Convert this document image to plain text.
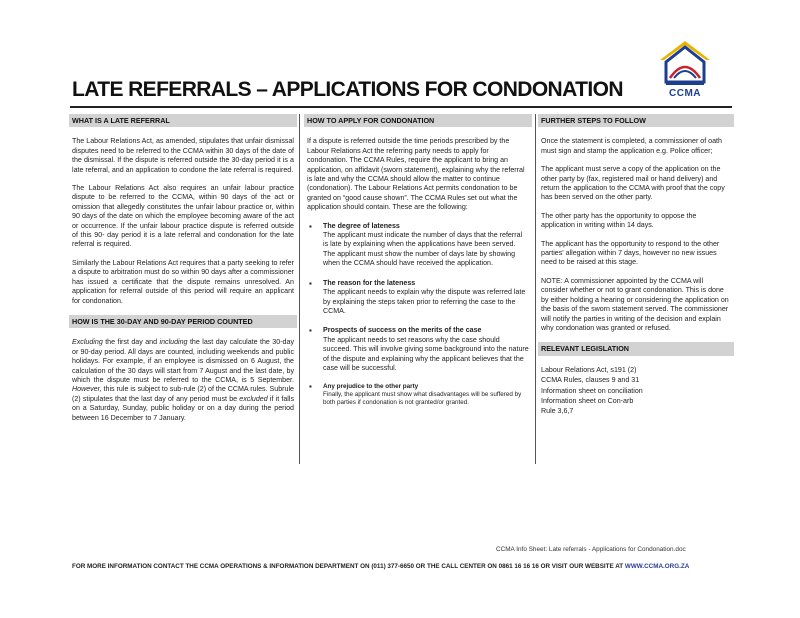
CCMA
LATE REFERRALS – APPLICATIONS FOR CONDONATION
WHAT IS A LATE REFERRAL

The Labour Relations Act, as amended, stipulates that unfair dismissal disputes need to be referred to the CCMA within 30 days of the date of the dismissal. If the dispute is referred outside the 30-day period it is a late referral, and an application to condone the late referral is required.

The Labour Relations Act also requires an unfair labour practice dispute to be referred to the CCMA, within 90 days of the act or omission that allegedly constitutes the unfair labour practice or, within 90 days of the date on which the employee becoming aware of the act or occurrence. If the unfair labour practice dispute is referred outside of this 90- day period it is a late referral and condonation for the late referral is required.

Similarly the Labour Relations Act requires that a party seeking to refer a dispute to arbitration must do so within 90 days after a commissioner has issued a certificate that the dispute remains unresolved. An application for referral outside of this period will require an applicant for condonation.

HOW IS THE 30-DAY AND 90-DAY PERIOD COUNTED

Excluding the first day and including the last day calculate the 30-day or 90-day period. All days are counted, including weekends and public holidays. For example, if an employee is dismissed on 6 August, the calculation of the 30 days will start from 7 August and the last date, by which the dispute must be referred to the CCMA, is 5 September. However, this rule is subject to sub-rule (2) of the CCMA rules. Subrule (2) stipulates that the last day of any period must be excluded if it falls on a Saturday, Sunday, public holiday or on a day during the period between 16 December to 7 January.

HOW TO APPLY FOR CONDONATION

If a dispute is referred outside the time periods prescribed by the Labour Relations Act the referring party needs to apply for condonation. The CCMA Rules, require the applicant to bring an application, on affidavit (sworn statement), explaining why the referral is late and why the CCMA should allow the matter to continue (condonation). The Labour Relations Act permits condonation to be granted on “good cause shown”. The CCMA Rules set out what the application should contain. These are the following:

▪ The degree of lateness
The applicant must indicate the number of days that the referral is late by explaining when the applications have been served. The applicant must show the number of days late by showing when the CCMA should have received the application.
▪ The reason for the lateness
The applicant needs to explain why the dispute was referred late by explaining the steps taken prior to referring the case to the CCMA.
▪ Prospects of success on the merits of the case
The applicant needs to set reasons why the case should succeed. This will involve giving some background into the nature of the dispute and explaining why the applicant believes that the case will be successful.
▪ Any prejudice to the other party
Finally, the applicant must show what disadvantages will be suffered by both parties if condonation is not granted/or granted.
FURTHER STEPS TO FOLLOW

Once the statement is completed, a commissioner of oath must sign and stamp the application e.g. Police officer;

The applicant must serve a copy of the application on the other party by (fax, registered mail or hand delivery) and return the application to the CCMA with proof that the copy has been served on the other party.

The other party has the opportunity to oppose the application in writing within 14 days.

The applicant has the opportunity to respond to the other parties' allegation within 7 days, however no new issues need to be raised at this stage.

NOTE: A commissioner appointed by the CCMA will consider whether or not to grant condonation. This is done by either holding a hearing or considering the application on the basis of the sworn statement served. The commissioner will notify the parties in writing of the decision and explain why condonation was granted or refused.

RELEVANT LEGISLATION
Labour Relations Act, s191 (2)
CCMA Rules, clauses 9 and 31
Information sheet on conciliation
Information sheet on Con-arb
Rule 3,6,7
CCMA Info Sheet: Late referrals - Applications for Condonation.doc
FOR MORE INFORMATION CONTACT THE CCMA OPERATIONS & INFORMATION DEPARTMENT ON (011) 377-6650 OR THE CALL CENTER ON 0861 16 16 16 OR VISIT OUR WEBSITE AT WWW.CCMA.ORG.ZA
